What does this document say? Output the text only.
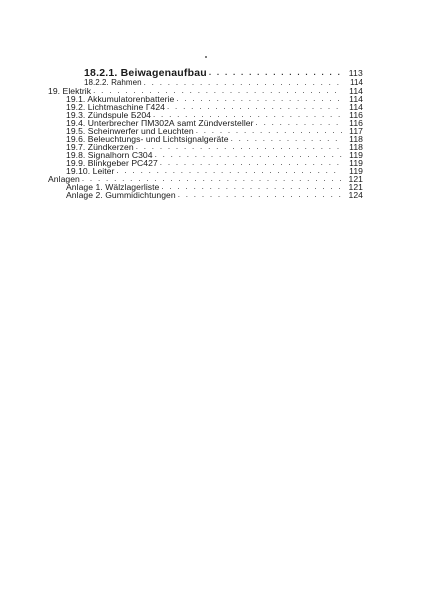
18.2.1. Beiwagenaufbau . . .	113
18.2.2. Rahmen . . .	114
19. Elektrik . . .	114
19.1. Akkumulatorenbatterie . . .	114
19.2. Lichtmaschine Г424 . . .	114
19.3. Zündspule Б204 . . .	116
19.4. Unterbrecher ПМ302А samt Zündversteller . . .	116
19.5. Scheinwerfer und Leuchten . . .	117
19.6. Beleuchtungs- und Lichtsignalgeräte . . .	118
19.7. Zündkerzen . . .	118
19.8. Signalhorn С304 . . .	119
19.9. Blinkgeber РС427 . . .	119
19.10. Leiter . . .	119
Anlagen . . .	121
Anlage 1. Wälzlagerliste . . .	121
Anlage 2. Gummidichtungen . . .	124
